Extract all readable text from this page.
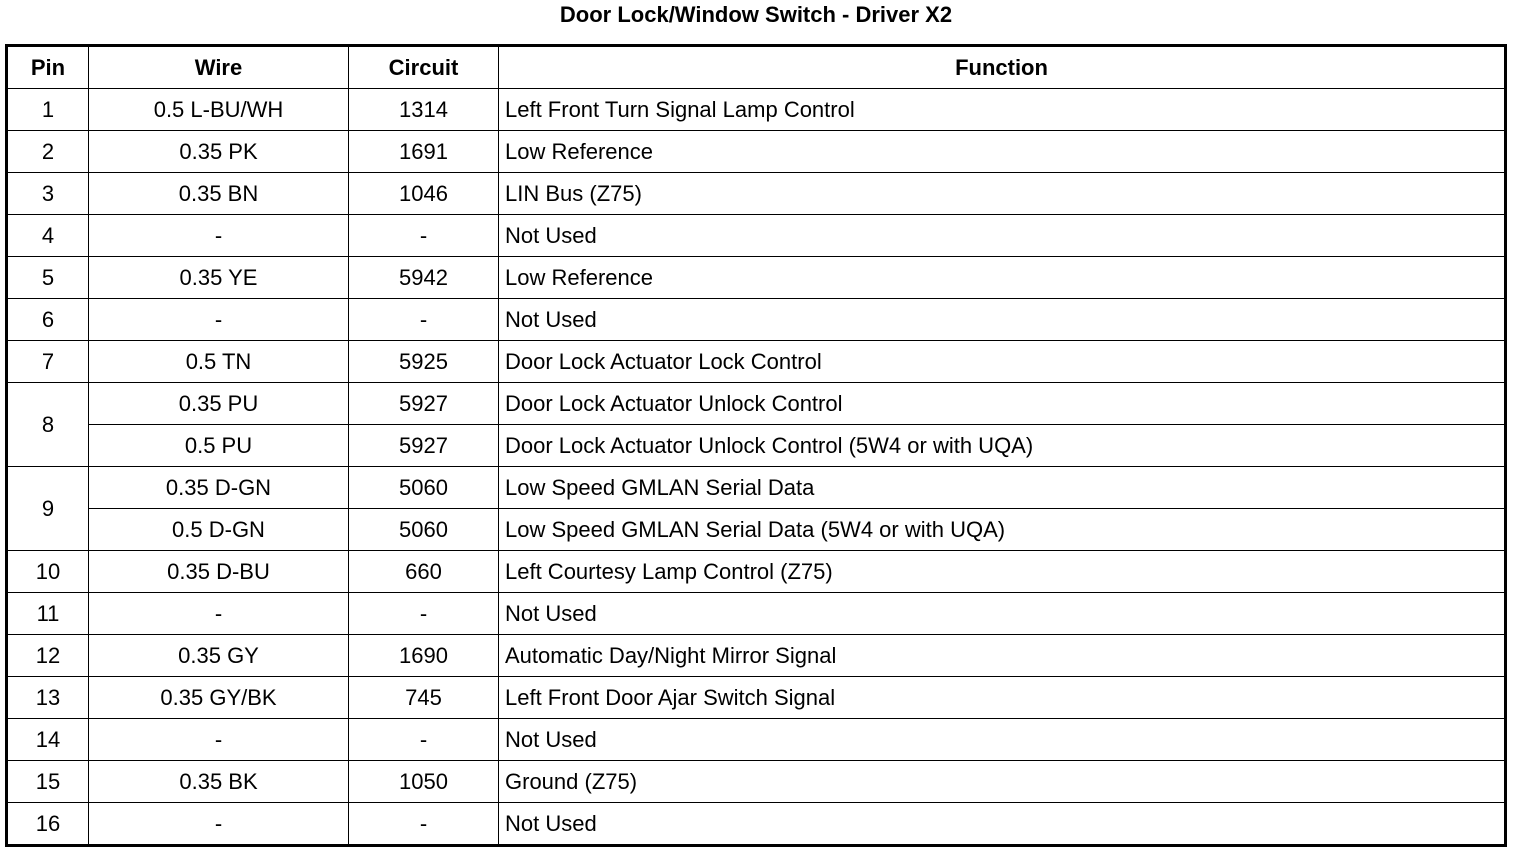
Door Lock/Window Switch - Driver X2
Pin	Wire	Circuit	Function
1	0.5 L-BU/WH	1314	Left Front Turn Signal Lamp Control
2	0.35 PK	1691	Low Reference
3	0.35 BN	1046	LIN Bus (Z75)
4	-	-	Not Used
5	0.35 YE	5942	Low Reference
6	-	-	Not Used
7	0.5 TN	5925	Door Lock Actuator Lock Control
8	0.35 PU	5927	Door Lock Actuator Unlock Control
	0.5 PU	5927	Door Lock Actuator Unlock Control (5W4 or with UQA)
9	0.35 D-GN	5060	Low Speed GMLAN Serial Data
	0.5 D-GN	5060	Low Speed GMLAN Serial Data (5W4 or with UQA)
10	0.35 D-BU	660	Left Courtesy Lamp Control (Z75)
11	-	-	Not Used
12	0.35 GY	1690	Automatic Day/Night Mirror Signal
13	0.35 GY/BK	745	Left Front Door Ajar Switch Signal
14	-	-	Not Used
15	0.35 BK	1050	Ground (Z75)
16	-	-	Not Used
